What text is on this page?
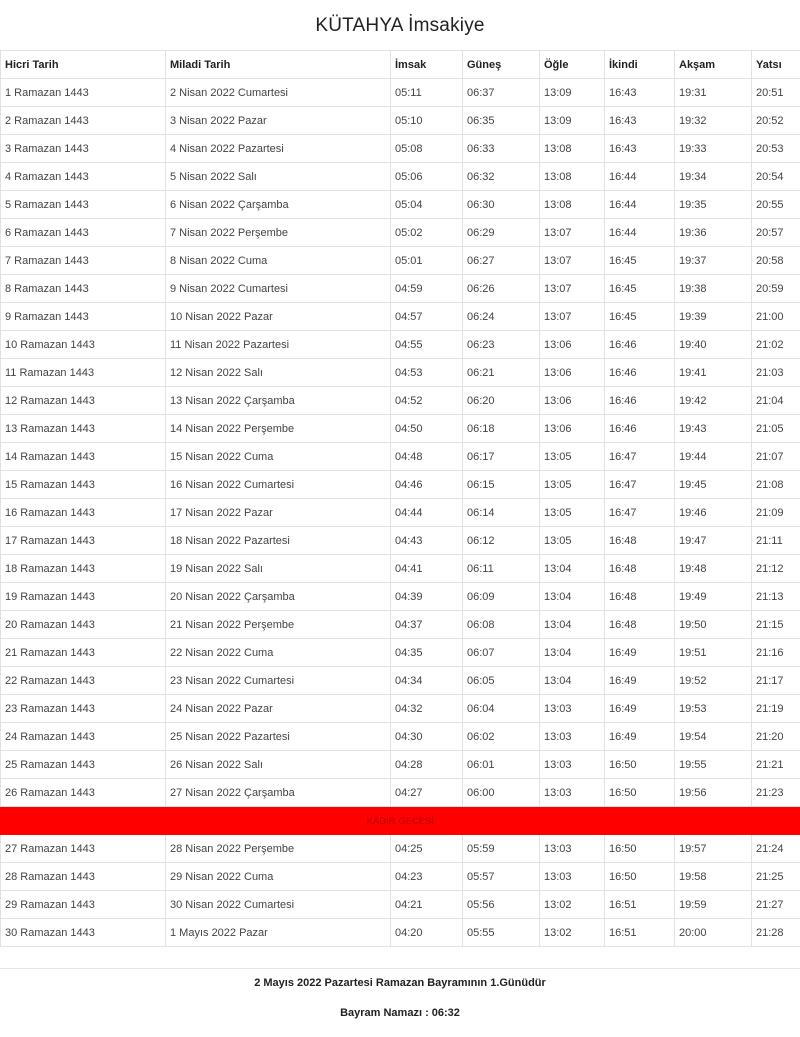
KÜTAHYA İmsakiye
Hicri Tarih	Miladi Tarih	İmsak	Güneş	Öğle	İkindi	Akşam	Yatsı
1 Ramazan 1443	2 Nisan 2022 Cumartesi	05:11	06:37	13:09	16:43	19:31	20:51
2 Ramazan 1443	3 Nisan 2022 Pazar	05:10	06:35	13:09	16:43	19:32	20:52
3 Ramazan 1443	4 Nisan 2022 Pazartesi	05:08	06:33	13:08	16:43	19:33	20:53
4 Ramazan 1443	5 Nisan 2022 Salı	05:06	06:32	13:08	16:44	19:34	20:54
5 Ramazan 1443	6 Nisan 2022 Çarşamba	05:04	06:30	13:08	16:44	19:35	20:55
6 Ramazan 1443	7 Nisan 2022 Perşembe	05:02	06:29	13:07	16:44	19:36	20:57
7 Ramazan 1443	8 Nisan 2022 Cuma	05:01	06:27	13:07	16:45	19:37	20:58
8 Ramazan 1443	9 Nisan 2022 Cumartesi	04:59	06:26	13:07	16:45	19:38	20:59
9 Ramazan 1443	10 Nisan 2022 Pazar	04:57	06:24	13:07	16:45	19:39	21:00
10 Ramazan 1443	11 Nisan 2022 Pazartesi	04:55	06:23	13:06	16:46	19:40	21:02
11 Ramazan 1443	12 Nisan 2022 Salı	04:53	06:21	13:06	16:46	19:41	21:03
12 Ramazan 1443	13 Nisan 2022 Çarşamba	04:52	06:20	13:06	16:46	19:42	21:04
13 Ramazan 1443	14 Nisan 2022 Perşembe	04:50	06:18	13:06	16:46	19:43	21:05
14 Ramazan 1443	15 Nisan 2022 Cuma	04:48	06:17	13:05	16:47	19:44	21:07
15 Ramazan 1443	16 Nisan 2022 Cumartesi	04:46	06:15	13:05	16:47	19:45	21:08
16 Ramazan 1443	17 Nisan 2022 Pazar	04:44	06:14	13:05	16:47	19:46	21:09
17 Ramazan 1443	18 Nisan 2022 Pazartesi	04:43	06:12	13:05	16:48	19:47	21:11
18 Ramazan 1443	19 Nisan 2022 Salı	04:41	06:11	13:04	16:48	19:48	21:12
19 Ramazan 1443	20 Nisan 2022 Çarşamba	04:39	06:09	13:04	16:48	19:49	21:13
20 Ramazan 1443	21 Nisan 2022 Perşembe	04:37	06:08	13:04	16:48	19:50	21:15
21 Ramazan 1443	22 Nisan 2022 Cuma	04:35	06:07	13:04	16:49	19:51	21:16
22 Ramazan 1443	23 Nisan 2022 Cumartesi	04:34	06:05	13:04	16:49	19:52	21:17
23 Ramazan 1443	24 Nisan 2022 Pazar	04:32	06:04	13:03	16:49	19:53	21:19
24 Ramazan 1443	25 Nisan 2022 Pazartesi	04:30	06:02	13:03	16:49	19:54	21:20
25 Ramazan 1443	26 Nisan 2022 Salı	04:28	06:01	13:03	16:50	19:55	21:21
26 Ramazan 1443	27 Nisan 2022 Çarşamba	04:27	06:00	13:03	16:50	19:56	21:23
KADİR GECESİ							
27 Ramazan 1443	28 Nisan 2022 Perşembe	04:25	05:59	13:03	16:50	19:57	21:24
28 Ramazan 1443	29 Nisan 2022 Cuma	04:23	05:57	13:03	16:50	19:58	21:25
29 Ramazan 1443	30 Nisan 2022 Cumartesi	04:21	05:56	13:02	16:51	19:59	21:27
30 Ramazan 1443	1 Mayıs 2022 Pazar	04:20	05:55	13:02	16:51	20:00	21:28
2 Mayıs 2022 Pazartesi Ramazan Bayramının 1.Günüdür
Bayram Namazı : 06:32
